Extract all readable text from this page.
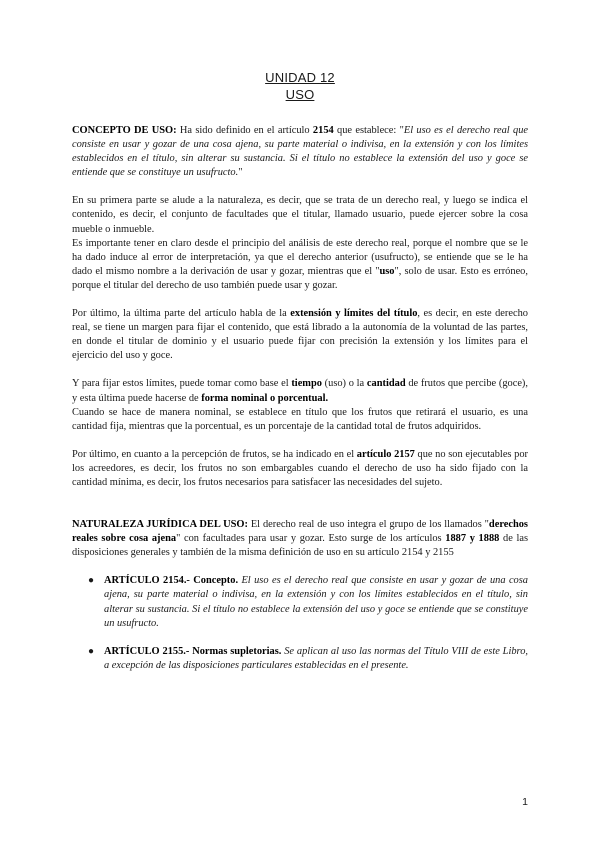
UNIDAD 12
USO

CONCEPTO DE USO: Ha sido definido en el artículo 2154 que establece: "El uso es el derecho real que consiste en usar y gozar de una cosa ajena, su parte material o indivisa, en la extensión y con los límites establecidos en el título, sin alterar su sustancia. Si el título no establece la extensión del uso y goce se entiende que se constituye un usufructo."

En su primera parte se alude a la naturaleza, es decir, que se trata de un derecho real, y luego se indica el contenido, es decir, el conjunto de facultades que el titular, llamado usuario, puede ejercer sobre la cosa mueble o inmueble.

Es importante tener en claro desde el principio del análisis de este derecho real, porque el nombre que se le ha dado induce al error de interpretación, ya que el derecho anterior (usufructo), se entiende que se le ha dado el mismo nombre a la derivación de usar y gozar, mientras que el "uso", solo de usar. Esto es erróneo, porque el titular del derecho de uso también puede usar y gozar.

Por último, la última parte del artículo habla de la extensión y límites del título, es decir, en este derecho real, se tiene un margen para fijar el contenido, que está librado a la autonomía de la voluntad de las partes, en donde el titular de dominio y el usuario puede fijar con precisión la extensión y los límites para el ejercicio del uso y goce.

Y para fijar estos límites, puede tomar como base el tiempo (uso) o la cantidad de frutos que percibe (goce), y esta última puede hacerse de forma nominal o porcentual.

Cuando se hace de manera nominal, se establece en título que los frutos que retirará el usuario, es una cantidad fija, mientras que la porcentual, es un porcentaje de la cantidad total de frutos adquiridos.

Por último, en cuanto a la percepción de frutos, se ha indicado en el artículo 2157 que no son ejecutables por los acreedores, es decir, los frutos no son embargables cuando el derecho de uso ha sido fijado con la cantidad mínima, es decir, los frutos necesarios para satisfacer las necesidades del sujeto.

NATURALEZA JURÍDICA DEL USO: El derecho real de uso integra el grupo de los llamados "derechos reales sobre cosa ajena" con facultades para usar y gozar. Esto surge de los artículos 1887 y 1888 de las disposiciones generales y también de la misma definición de uso en su artículo 2154 y 2155

● ARTÍCULO 2154.- Concepto. El uso es el derecho real que consiste en usar y gozar de una cosa ajena, su parte material o indivisa, en la extensión y con los límites establecidos en el título, sin alterar su sustancia. Si el título no establece la extensión del uso y goce se entiende que se constituye un usufructo.
● ARTÍCULO 2155.- Normas supletorias. Se aplican al uso las normas del Título VIII de este Libro, a excepción de las disposiciones particulares establecidas en el presente.
1
